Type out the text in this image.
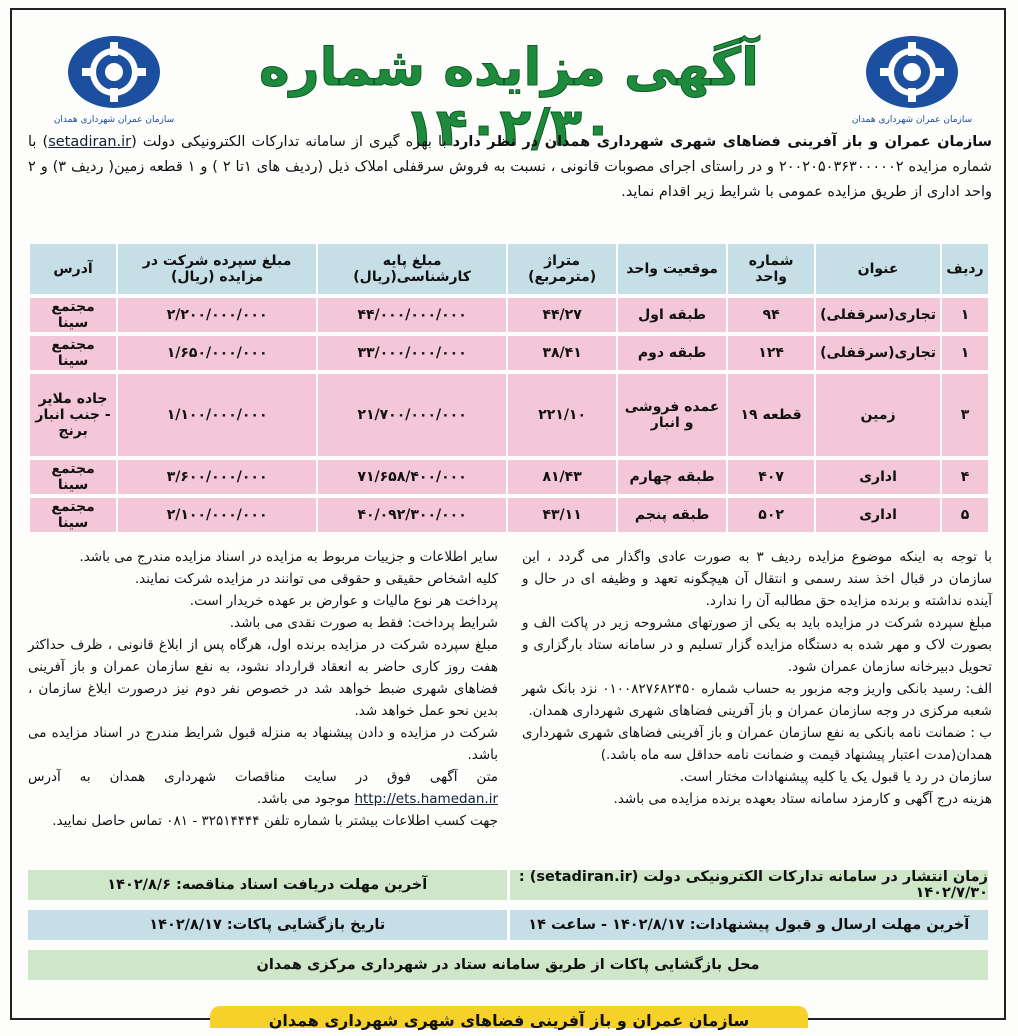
سازمان عمران شهرداری همدان
آگهی مزایده شماره ۱۴۰۲/۳۰	سازمان عمران شهرداری همدان
سازمان عمران و باز آفرینی فضاهای شهری شهرداری همدان در نظر دارد با بهره گیری از سامانه تدارکات الکترونیکی دولت (setadiran.ir) با شماره مزایده ۲۰۰۲۰۵۰۳۶۳۰۰۰۰۰۲ و در راستای اجرای مصوبات قانونی ، نسبت به فروش سرقفلی املاک ذیل (ردیف های ۱تا ۲ ) و ۱ قطعه زمین( ردیف ۳) و ۲ واحد اداری از طریق مزایده عمومی با شرایط زیر اقدام نماید.
ردیف	عنوان	شماره واحد	موقعیت واحد	متراژ (مترمربع)	مبلغ پایه کارشناسی(ریال)	مبلغ سپرده شرکت در مزایده (ریال)	آدرس
۱	تجاری(سرقفلی)	۹۴	طبقه اول	۴۴/۲۷	۴۴/۰۰۰/۰۰۰/۰۰۰	۲/۲۰۰/۰۰۰/۰۰۰	مجتمع سینا
۱	تجاری(سرقفلی)	۱۲۴	طبقه دوم	۳۸/۴۱	۳۳/۰۰۰/۰۰۰/۰۰۰	۱/۶۵۰/۰۰۰/۰۰۰	مجتمع سینا
۳	زمین	قطعه ۱۹	عمده فروشی و انبار	۲۲۱/۱۰	۲۱/۷۰۰/۰۰۰/۰۰۰	۱/۱۰۰/۰۰۰/۰۰۰	جاده ملایر - جنب انبار برنج
۴	اداری	۴۰۷	طبقه چهارم	۸۱/۴۳	۷۱/۶۵۸/۴۰۰/۰۰۰	۳/۶۰۰/۰۰۰/۰۰۰	مجتمع سینا
۵	اداری	۵۰۲	طبقه پنجم	۴۳/۱۱	۴۰/۰۹۲/۳۰۰/۰۰۰	۲/۱۰۰/۰۰۰/۰۰۰	مجتمع سینا

با توجه به اینکه موضوع مزایده ردیف ۳ به صورت عادی واگذار می گردد ، این سازمان در قبال اخذ سند رسمی و انتقال آن هیچگونه تعهد و وظیفه ای در حال و آینده نداشته و برنده مزایده حق مطالبه آن را ندارد.

مبلغ سپرده شرکت در مزایده باید به یکی از صورتهای مشروحه زیر در پاکت الف و بصورت لاک و مهر شده به دستگاه مزایده گزار تسلیم و در سامانه ستاد بارگزاری و تحویل دبیرخانه سازمان عمران شود.

الف: رسید بانکی واریز وجه مزبور به حساب شماره ۰۱۰۰۸۲۷۶۸۲۴۵۰ نزد بانک شهر شعبه مرکزی در وجه سازمان عمران و باز آفرینی فضاهای شهری شهرداری همدان.

ب : ضمانت نامه بانکی به نفع سازمان عمران و باز آفرینی فضاهای شهری شهرداری همدان(مدت اعتبار پیشنهاد قیمت و ضمانت نامه حداقل سه ماه باشد.)

سازمان در رد یا قبول یک یا کلیه پیشنهادات مختار است.

هزینه درج آگهی و کارمزد سامانه ستاد بعهده برنده مزایده می باشد.

سایر اطلاعات و جزییات مربوط به مزایده در اسناد مزایده مندرج می باشد.

کلیه اشخاص حقیقی و حقوقی می توانند در مزایده شرکت نمایند.

پرداخت هر نوع مالیات و عوارض بر عهده خریدار است.

شرایط پرداخت: فقط به صورت نقدی می باشد.

مبلغ سپرده شرکت در مزایده برنده اول، هرگاه پس از ابلاغ قانونی ، ظرف حداکثر هفت روز کاری حاضر به انعقاد قرارداد نشود، به نفع سازمان عمران و باز آفرینی فضاهای شهری ضبط خواهد شد در خصوص نفر دوم نیز درصورت ابلاغ سازمان ، بدین نحو عمل خواهد شد.

شرکت در مزایده و دادن پیشنهاد به منزله قبول شرایط مندرج در اسناد مزایده می باشد.

متن آگهی فوق در سایت مناقصات شهرداری همدان به آدرس http://ets.hamedan.ir موجود می باشد.

جهت کسب اطلاعات بیشتر با شماره تلفن ۳۲۵۱۴۴۴۴ - ۰۸۱ تماس حاصل نمایید.

زمان انتشار در سامانه تدارکات الکترونیکی دولت (setadiran.ir) : ۱۴۰۲/۷/۳۰
آخرین مهلت دریافت اسناد مناقصه: ۱۴۰۲/۸/۶
آخرین مهلت ارسال و قبول پیشنهادات: ۱۴۰۲/۸/۱۷ - ساعت ۱۴
تاریخ بازگشایی پاکات: ۱۴۰۲/۸/۱۷
محل بازگشایی پاکات از طریق سامانه ستاد در شهرداری مرکزی همدان
سازمان عمران و باز آفرینی فضاهای شهری شهرداری همدان
